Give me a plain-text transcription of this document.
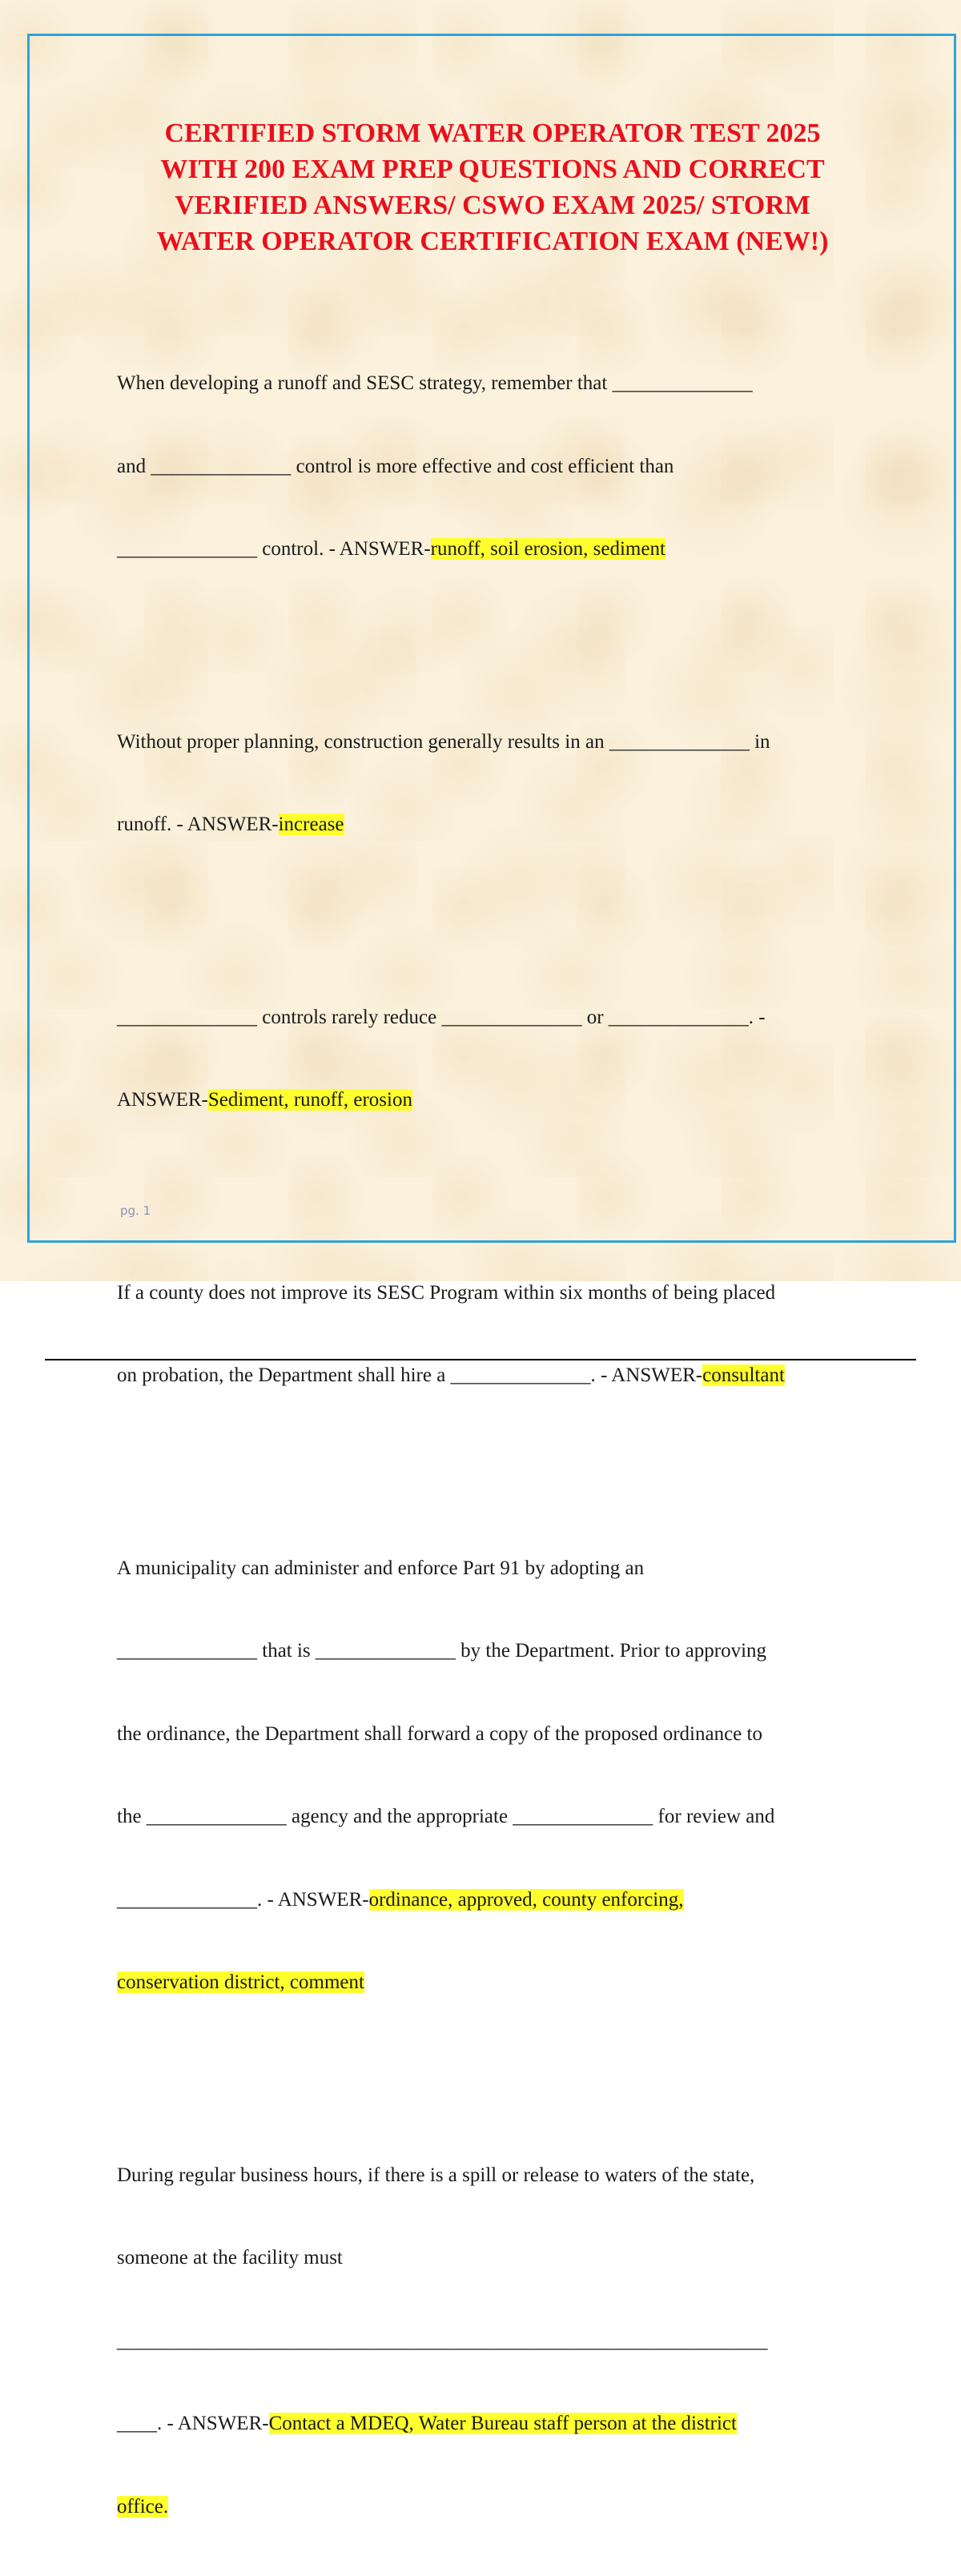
CERTIFIED STORM WATER OPERATOR TEST 2025
WITH 200 EXAM PREP QUESTIONS AND CORRECT
VERIFIED ANSWERS/ CSWO EXAM 2025/ STORM
WATER OPERATOR CERTIFICATION EXAM (NEW!)

When developing a runoff and SESC strategy, remember that ______________

and ______________ control is more effective and cost efficient than

______________ control. - ANSWER-runoff, soil erosion, sediment

Without proper planning, construction generally results in an ______________ in

runoff. - ANSWER-increase

______________ controls rarely reduce ______________ or ______________. -

ANSWER-Sediment, runoff, erosion

If a county does not improve its SESC Program within six months of being placed

on probation, the Department shall hire a ______________. - ANSWER-consultant

A municipality can administer and enforce Part 91 by adopting an

______________ that is ______________ by the Department. Prior to approving

the ordinance, the Department shall forward a copy of the proposed ordinance to

the ______________ agency and the appropriate ______________ for review and

______________. - ANSWER-ordinance, approved, county enforcing,

conservation district, comment

During regular business hours, if there is a spill or release to waters of the state,

someone at the facility must

_________________________________________________________________

____. - ANSWER-Contact a MDEQ, Water Bureau staff person at the district

office.

pg. 1
